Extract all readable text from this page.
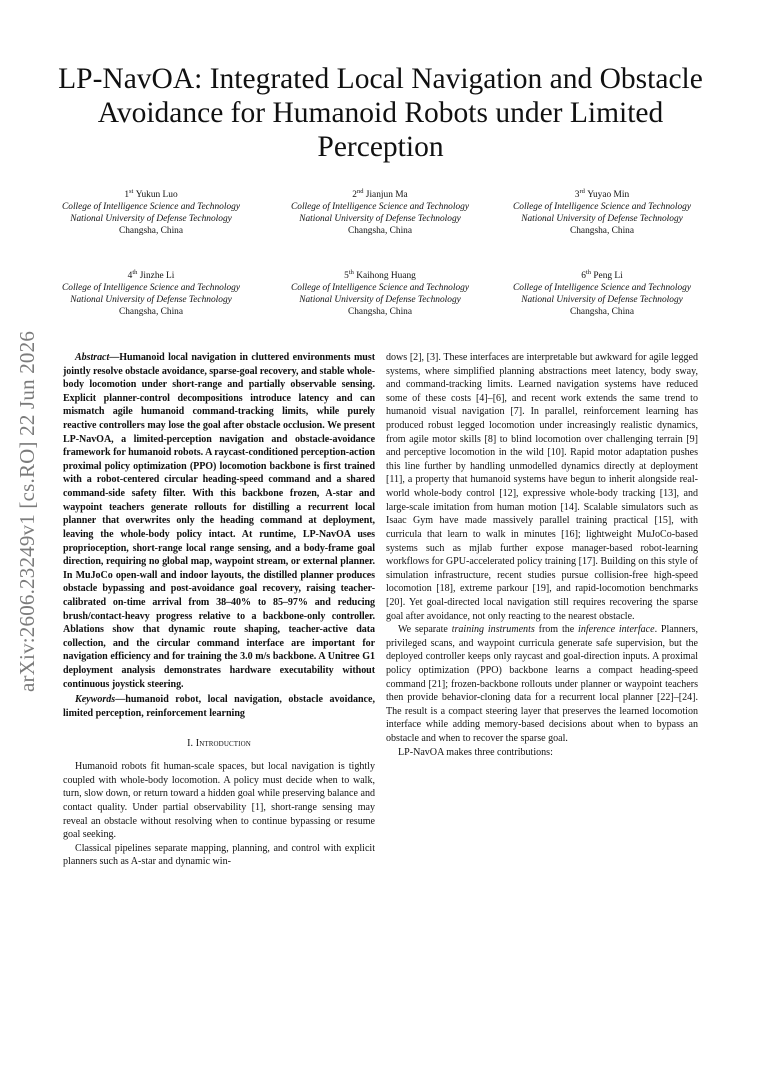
LP-NavOA: Integrated Local Navigation and Obstacle Avoidance for Humanoid Robots under Limited Perception
1st Yukun Luo
College of Intelligence Science and Technology
National University of Defense Technology
Changsha, China
2nd Jianjun Ma
College of Intelligence Science and Technology
National University of Defense Technology
Changsha, China
3rd Yuyao Min
College of Intelligence Science and Technology
National University of Defense Technology
Changsha, China
4th Jinzhe Li
College of Intelligence Science and Technology
National University of Defense Technology
Changsha, China
5th Kaihong Huang
College of Intelligence Science and Technology
National University of Defense Technology
Changsha, China
6th Peng Li
College of Intelligence Science and Technology
National University of Defense Technology
Changsha, China
arXiv:2606.23249v1 [cs.RO] 22 Jun 2026	Abstract—Humanoid local navigation in cluttered environments must jointly resolve obstacle avoidance, sparse-goal recovery, and stable whole-body locomotion under short-range and partially observable sensing. Explicit planner-control decompositions introduce latency and can mismatch agile humanoid command-tracking limits, while purely reactive controllers may lose the goal after obstacle occlusion. We present LP-NavOA, a limited-perception navigation and obstacle-avoidance framework for humanoid robots. A raycast-conditioned perception-action proximal policy optimization (PPO) locomotion backbone is first trained with a robot-centered circular heading-speed command and a shared command-side safety filter. With this backbone frozen, A-star and waypoint teachers generate rollouts for distilling a recurrent local planner that overwrites only the heading command at deployment, leaving the whole-body policy intact. At runtime, LP-NavOA uses proprioception, short-range local range sensing, and a body-frame goal direction, requiring no global map, waypoint stream, or external planner. In MuJoCo open-wall and indoor layouts, the distilled planner produces obstacle bypassing and post-avoidance goal recovery, raising teacher-calibrated on-time arrival from 38–40% to 85–97% and reducing brush/contact-heavy progress relative to a backbone-only controller. Ablations show that dynamic route shaping, teacher-active data collection, and the circular command interface are important for navigation efficiency and for training the 3.0 m/s backbone. A Unitree G1 deployment analysis demonstrates hardware executability without continuous joystick steering.

Keywords—humanoid robot, local navigation, obstacle avoidance, limited perception, reinforcement learning

I. Introduction

Humanoid robots fit human-scale spaces, but local navigation is tightly coupled with whole-body locomotion. A policy must decide when to walk, turn, slow down, or return toward a hidden goal while preserving balance and contact quality. Under partial observability [1], short-range sensing may reveal an obstacle without resolving when to continue bypassing or resume goal seeking.

Classical pipelines separate mapping, planning, and control with explicit planners such as A-star and dynamic win-

dows [2], [3]. These interfaces are interpretable but awkward for agile legged systems, where simplified planning abstractions meet latency, body sway, and command-tracking limits. Learned navigation systems have reduced some of these costs [4]–[6], and recent work extends the same trend to humanoid visual navigation [7]. In parallel, reinforcement learning has produced robust legged locomotion under increasingly realistic dynamics, from agile motor skills [8] to blind locomotion over challenging terrain [9] and perceptive locomotion in the wild [10]. Rapid motor adaptation pushes this line further by handling unmodelled dynamics directly at deployment [11], a property that humanoid systems have begun to inherit alongside real-world whole-body control [12], expressive whole-body tracking [13], and large-scale imitation from human motion [14]. Scalable simulators such as Isaac Gym have made massively parallel training practical [15], with curricula that learn to walk in minutes [16]; lightweight MuJoCo-based systems such as mjlab further expose manager-based robot-learning workflows for GPU-accelerated policy training [17]. Building on this style of simulation infrastructure, recent studies pursue collision-free high-speed locomotion [18], extreme parkour [19], and rapid-locomotion benchmarks [20]. Yet goal-directed local navigation still requires recovering the sparse goal after avoidance, not only reacting to the nearest obstacle.

We separate training instruments from the inference interface. Planners, privileged scans, and waypoint curricula generate safe supervision, but the deployed controller keeps only raycast and goal-direction inputs. A proximal policy optimization (PPO) backbone learns a compact heading-speed command [21]; frozen-backbone rollouts under planner or waypoint teachers then provide behavior-cloning data for a recurrent local planner [22]–[24]. The result is a compact steering layer that preserves the learned locomotion interface while adding memory-based decisions about when to bypass an obstacle and when to recover the sparse goal.

LP-NavOA makes three contributions:
